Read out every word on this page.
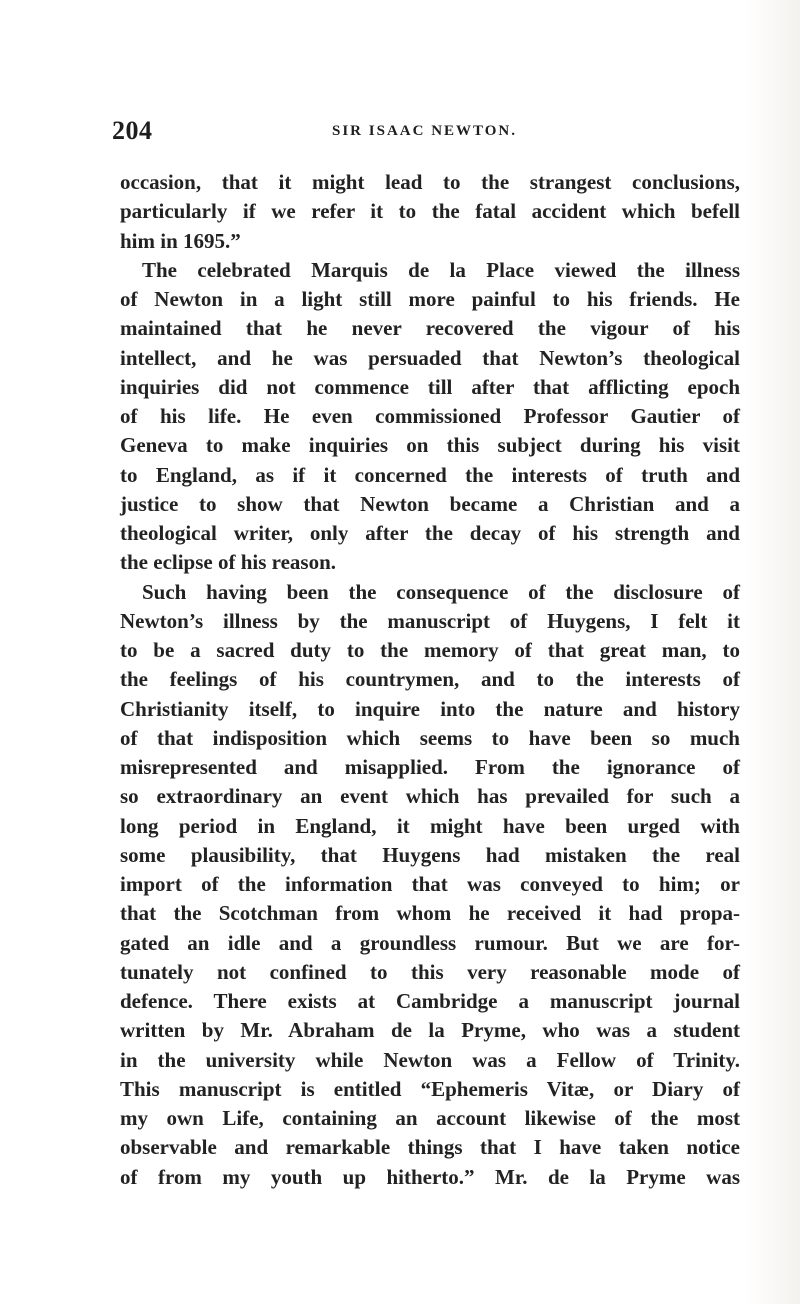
204	SIR ISAAC NEWTON.
occasion, that it might lead to the strangest conclusions,
particularly if we refer it to the fatal accident which befell
him in 1695.”
The celebrated Marquis de la Place viewed the illness
of Newton in a light still more painful to his friends. He
maintained that he never recovered the vigour of his
intellect, and he was persuaded that Newton’s theological
inquiries did not commence till after that afflicting epoch
of his life. He even commissioned Professor Gautier of
Geneva to make inquiries on this subject during his visit
to England, as if it concerned the interests of truth and
justice to show that Newton became a Christian and a
theological writer, only after the decay of his strength and
the eclipse of his reason.
Such having been the consequence of the disclosure of
Newton’s illness by the manuscript of Huygens, I felt it
to be a sacred duty to the memory of that great man, to
the feelings of his countrymen, and to the interests of
Christianity itself, to inquire into the nature and history
of that indisposition which seems to have been so much
misrepresented and misapplied. From the ignorance of
so extraordinary an event which has prevailed for such a
long period in England, it might have been urged with
some plausibility, that Huygens had mistaken the real
import of the information that was conveyed to him; or
that the Scotchman from whom he received it had propa-
gated an idle and a groundless rumour. But we are for-
tunately not confined to this very reasonable mode of
defence. There exists at Cambridge a manuscript journal
written by Mr. Abraham de la Pryme, who was a student
in the university while Newton was a Fellow of Trinity.
This manuscript is entitled “Ephemeris Vitæ, or Diary of
my own Life, containing an account likewise of the most
observable and remarkable things that I have taken notice
of from my youth up hitherto.” Mr. de la Pryme was
